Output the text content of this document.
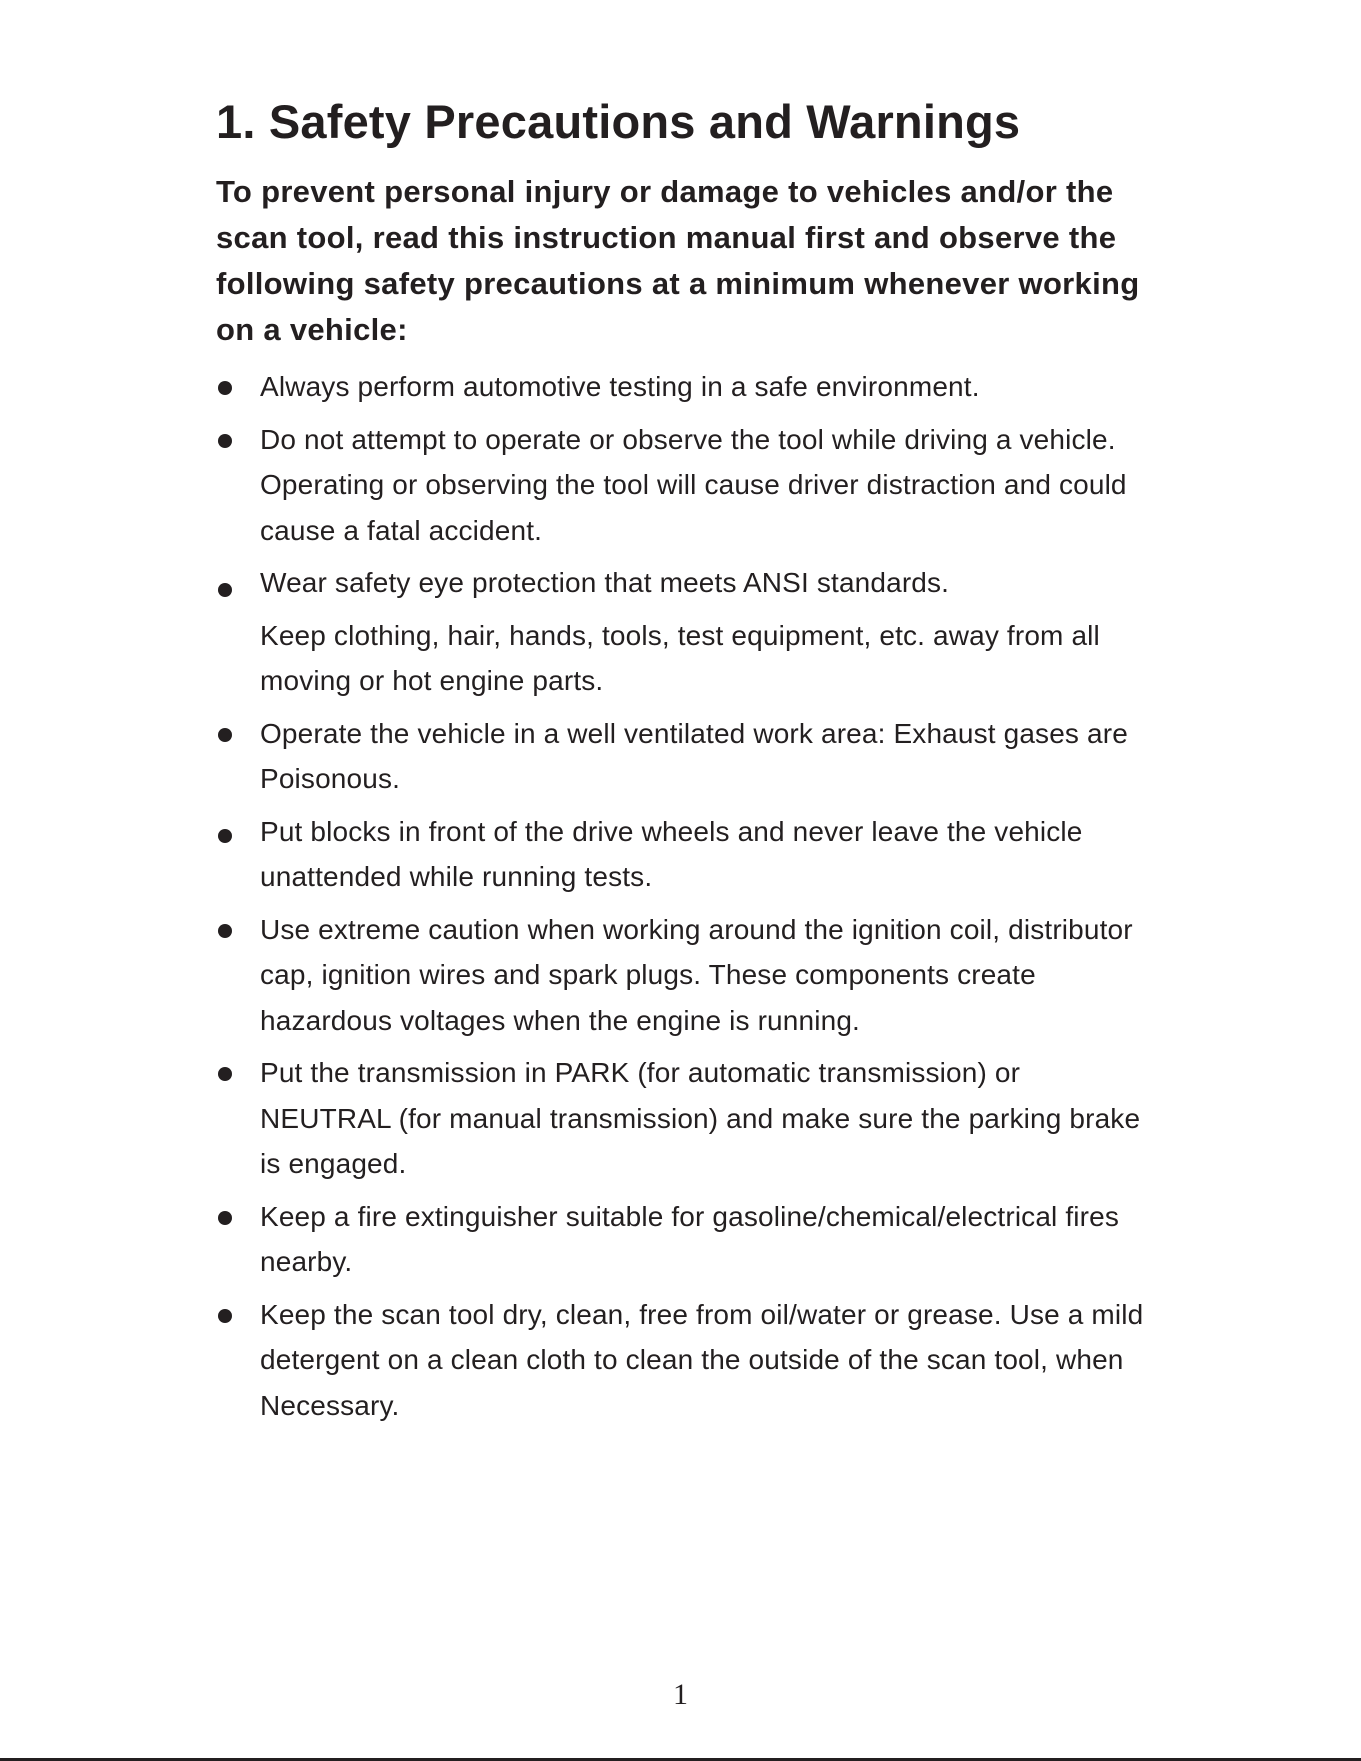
1. Safety Precautions and Warnings

To prevent personal injury or damage to vehicles and/or the scan tool, read this instruction manual first and observe the following safety precautions at a minimum whenever working on a vehicle:

Always perform automotive testing in a safe environment.
Do not attempt to operate or observe the tool while driving a vehicle. Operating or observing the tool will cause driver distraction and could cause a fatal accident.
Wear safety eye protection that meets ANSI standards.
Keep clothing, hair, hands, tools, test equipment, etc. away from all moving or hot engine parts.
Operate the vehicle in a well ventilated work area: Exhaust gases are Poisonous.
Put blocks in front of the drive wheels and never leave the vehicle unattended while running tests.
Use extreme caution when working around the ignition coil, distributor cap, ignition wires and spark plugs. These components create hazardous voltages when the engine is running.
Put the transmission in PARK (for automatic transmission) or NEUTRAL (for manual transmission) and make sure the parking brake is engaged.
Keep a fire extinguisher suitable for gasoline/chemical/electrical fires nearby.
Keep the scan tool dry, clean, free from oil/water or grease. Use a mild detergent on a clean cloth to clean the outside of the scan tool, when Necessary.
1
